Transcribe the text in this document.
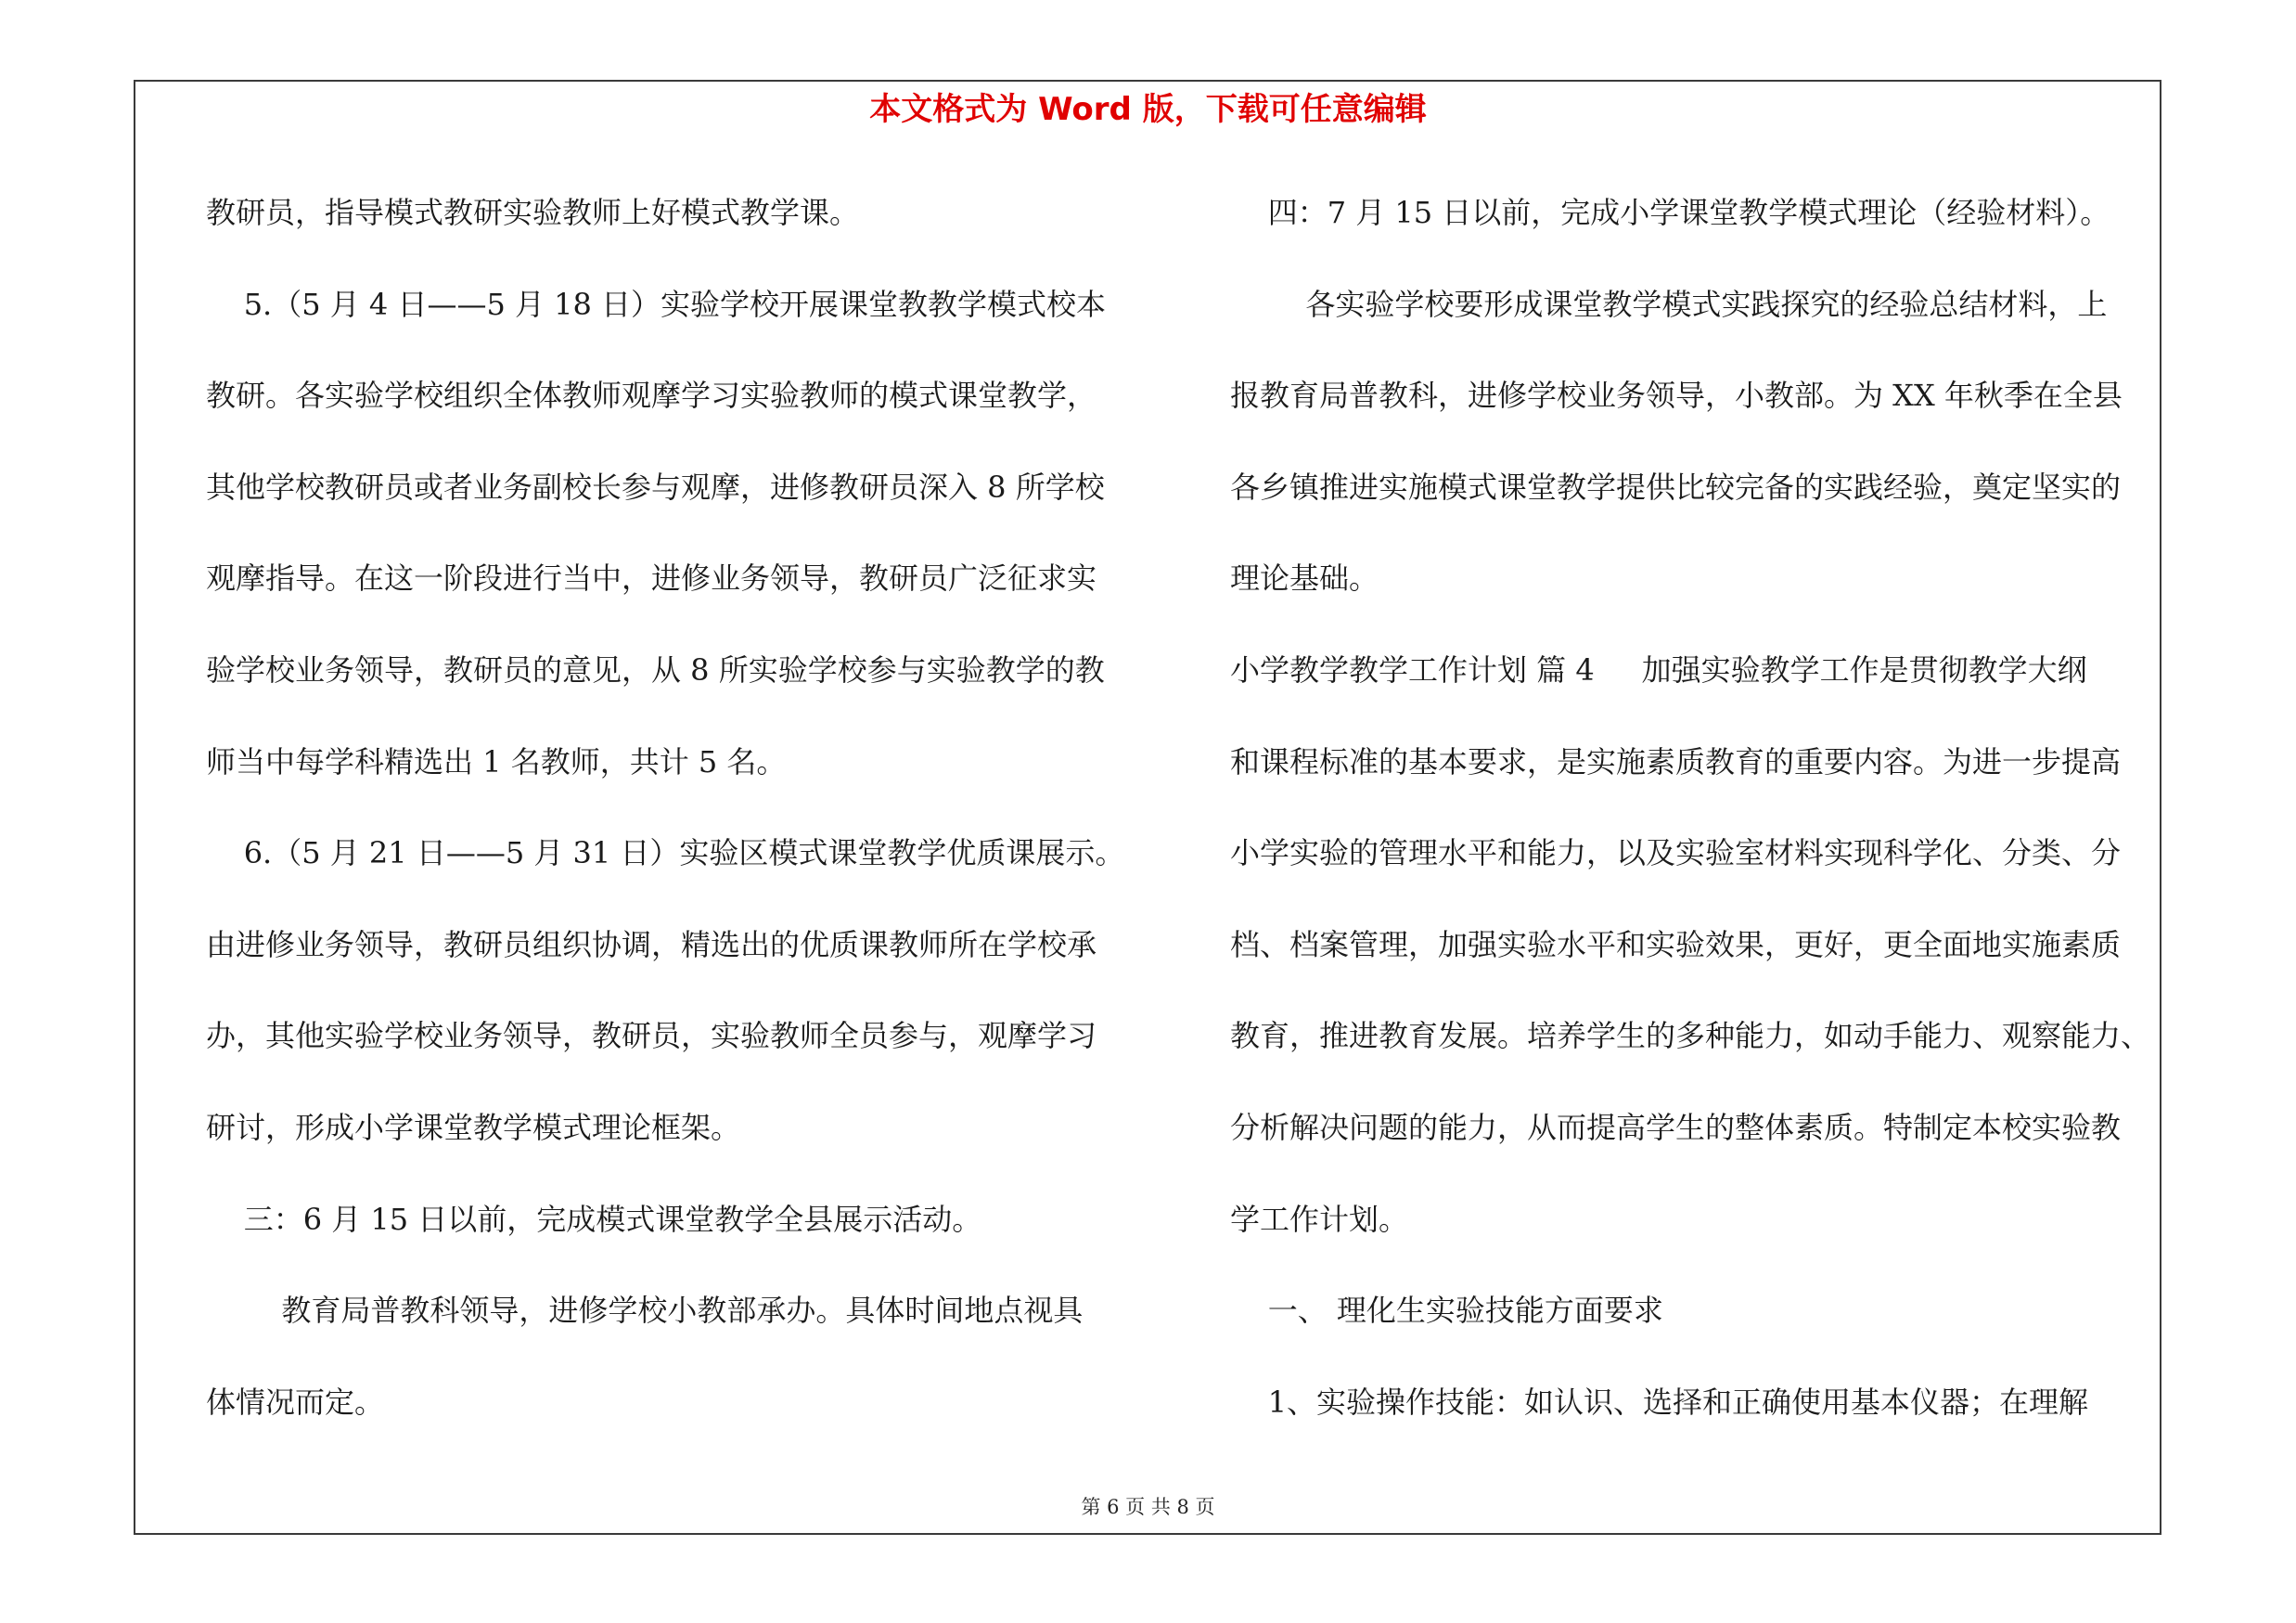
本文格式为 Word 版，下载可任意编辑
教研员，指导模式教研实验教师上好模式教学课。
5.（5 月 4 日——5 月 18 日）实验学校开展课堂教教学模式校本
教研。各实验学校组织全体教师观摩学习实验教师的模式课堂教学，
其他学校教研员或者业务副校长参与观摩，进修教研员深入 8 所学校
观摩指导。在这一阶段进行当中，进修业务领导，教研员广泛征求实
验学校业务领导，教研员的意见，从 8 所实验学校参与实验教学的教
师当中每学科精选出 1 名教师，共计 5 名。
6.（5 月 21 日——5 月 31 日）实验区模式课堂教学优质课展示。
由进修业务领导，教研员组织协调，精选出的优质课教师所在学校承
办，其他实验学校业务领导，教研员，实验教师全员参与，观摩学习
研讨，形成小学课堂教学模式理论框架。
三：6 月 15 日以前，完成模式课堂教学全县展示活动。
教育局普教科领导，进修学校小教部承办。具体时间地点视具
体情况而定。
四：7 月 15 日以前，完成小学课堂教学模式理论（经验材料）。
各实验学校要形成课堂教学模式实践探究的经验总结材料，上
报教育局普教科，进修学校业务领导，小教部。为 XX 年秋季在全县
各乡镇推进实施模式课堂教学提供比较完备的实践经验，奠定坚实的
理论基础。
小学教学教学工作计划 篇 4     加强实验教学工作是贯彻教学大纲
和课程标准的基本要求，是实施素质教育的重要内容。为进一步提高
小学实验的管理水平和能力，以及实验室材料实现科学化、分类、分
档、档案管理，加强实验水平和实验效果，更好，更全面地实施素质
教育，推进教育发展。培养学生的多种能力，如动手能力、观察能力、
分析解决问题的能力，从而提高学生的整体素质。特制定本校实验教
学工作计划。
一、 理化生实验技能方面要求
1、实验操作技能：如认识、选择和正确使用基本仪器；在理解
第 6 页 共 8 页
